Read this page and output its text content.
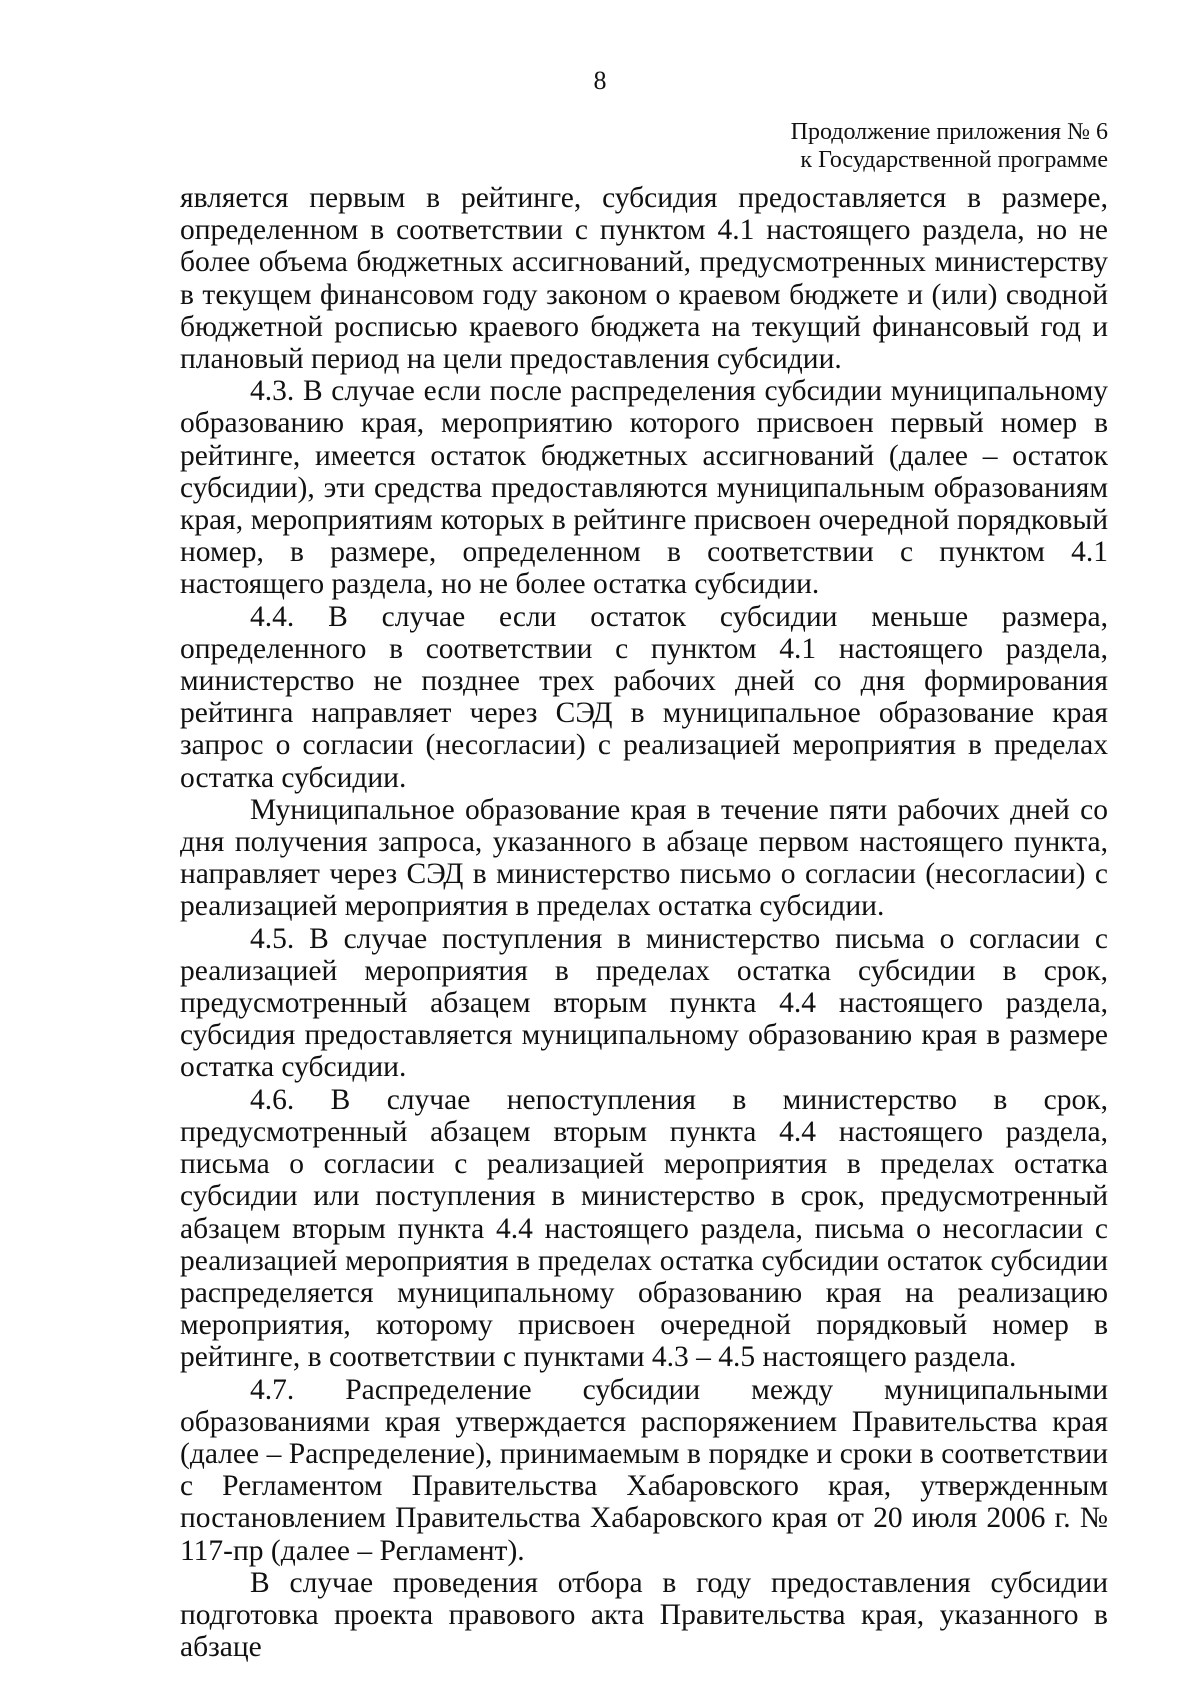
8
Продолжение приложения № 6
к Государственной программе

является первым в рейтинге, субсидия предоставляется в размере, определенном в соответствии с пунктом 4.1 настоящего раздела, но не более объема бюджетных ассигнований, предусмотренных министерству в текущем финансовом году законом о краевом бюджете и (или) сводной бюджетной росписью краевого бюджета на текущий финансовый год и плановый период на цели предоставления субсидии.

4.3. В случае если после распределения субсидии муниципальному образованию края, мероприятию которого присвоен первый номер в рейтинге, имеется остаток бюджетных ассигнований (далее – остаток субсидии), эти средства предоставляются муниципальным образованиям края, мероприятиям которых в рейтинге присвоен очередной порядковый номер, в размере, определенном в соответствии с пунктом 4.1 настоящего раздела, но не более остатка субсидии.

4.4. В случае если остаток субсидии меньше размера, определенного в соответствии с пунктом 4.1 настоящего раздела, министерство не позднее трех рабочих дней со дня формирования рейтинга направляет через СЭД в муниципальное образование края запрос о согласии (несогласии) с реализацией мероприятия в пределах остатка субсидии.

Муниципальное образование края в течение пяти рабочих дней со дня получения запроса, указанного в абзаце первом настоящего пункта, направляет через СЭД в министерство письмо о согласии (несогласии) с реализацией мероприятия в пределах остатка субсидии.

4.5. В случае поступления в министерство письма о согласии с реализацией мероприятия в пределах остатка субсидии в срок, предусмотренный абзацем вторым пункта 4.4 настоящего раздела, субсидия предоставляется муниципальному образованию края в размере остатка субсидии.

4.6. В случае непоступления в министерство в срок, предусмотренный абзацем вторым пункта 4.4 настоящего раздела, письма о согласии с реализацией мероприятия в пределах остатка субсидии или поступления в министерство в срок, предусмотренный абзацем вторым пункта 4.4 настоящего раздела, письма о несогласии с реализацией мероприятия в пределах остатка субсидии остаток субсидии распределяется муниципальному образованию края на реализацию мероприятия, которому присвоен очередной порядковый номер в рейтинге, в соответствии с пунктами 4.3 – 4.5 настоящего раздела.

4.7. Распределение субсидии между муниципальными образованиями края утверждается распоряжением Правительства края (далее – Распределение), принимаемым в порядке и сроки в соответствии с Регламентом Правительства Хабаровского края, утвержденным постановлением Правительства Хабаровского края от 20 июля 2006 г. № 117-пр (далее – Регламент).

В случае проведения отбора в году предоставления субсидии подготовка проекта правового акта Правительства края, указанного в абзаце
